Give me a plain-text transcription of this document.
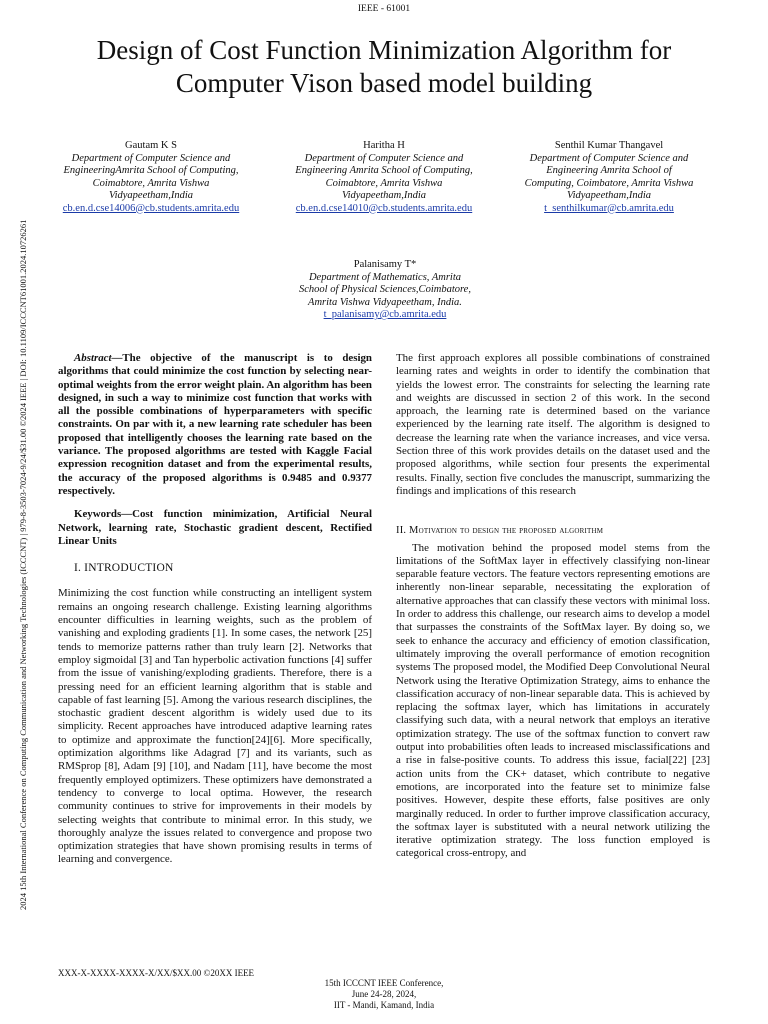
IEEE - 61001
Design of Cost Function Minimization Algorithm for Computer Vison based model building
2024 15th International Conference on Computing Communication and Networking Technologies (ICCCNT) | 979-8-3503-7024-9/24/$31.00 ©2024 IEEE | DOI: 10.1109/ICCCNT61001.2024.10726261
Gautam K S
Department of Computer Science and EngineeringAmrita School of Computing, Coimabtore, Amrita Vishwa Vidyapeetham,India
cb.en.d.cse14006@cb.students.amrita.edu
Haritha H
Department of Computer Science and Engineering Amrita School of Computing, Coimabtore, Amrita Vishwa Vidyapeetham,India
cb.en.d.cse14010@cb.students.amrita.edu
Senthil Kumar Thangavel
Department of Computer Science and Engineering Amrita School of Computing, Coimbatore, Amrita Vishwa Vidyapeetham,India
t_senthilkumar@cb.amrita.edu
Palanisamy T*
Department of Mathematics, Amrita School of Physical Sciences,Coimbatore, Amrita Vishwa Vidyapeetham, India.
t_palanisamy@cb.amrita.edu

Abstract—The objective of the manuscript is to design algorithms that could minimize the cost function by selecting near-optimal weights from the error weight plain. An algorithm has been designed, in such a way to minimize cost function that works with all the possible combinations of hyperparameters with specific constraints. On par with it, a new learning rate scheduler has been proposed that intelligently chooses the learning rate based on the variance. The proposed algorithms are tested with Kaggle Facial expression recognition dataset and from the experimental results, the accuracy of the proposed algorithms is 0.9485 and 0.9377 respectively.

Keywords—Cost function minimization, Artificial Neural Network, learning rate, Stochastic gradient descent, Rectified Linear Units

I. INTRODUCTION

Minimizing the cost function while constructing an intelligent system remains an ongoing research challenge. Existing learning algorithms encounter difficulties in learning weights, such as the problem of vanishing and exploding gradients [1]. In some cases, the network [25] tends to memorize patterns rather than truly learn [2]. Networks that employ sigmoidal [3] and Tan hyperbolic activation functions [4] suffer from the issue of vanishing/exploding gradients. Therefore, there is a pressing need for an efficient learning algorithm that is stable and capable of fast learning [5]. Among the various research disciplines, the stochastic gradient descent algorithm is widely used due to its simplicity. Recent approaches have introduced adaptive learning rates to optimize and approximate the function[24][6]. More specifically, optimization algorithms like Adagrad [7] and its variants, such as RMSprop [8], Adam [9] [10], and Nadam [11], have become the most frequently employed optimizers. These optimizers have demonstrated a tendency to converge to local optima. However, the research community continues to strive for improvements in their models by selecting weights that contribute to minimal error. In this study, we thoroughly analyze the issues related to convergence and propose two optimization strategies that have shown promising results in terms of learning and convergence.

The first approach explores all possible combinations of constrained learning rates and weights in order to identify the combination that yields the lowest error. The constraints for selecting the learning rate and weights are discussed in section 2 of this work. In the second approach, the learning rate is determined based on the variance experienced by the learning rate itself. The algorithm is designed to decrease the learning rate when the variance increases, and vice versa. Section three of this work provides details on the dataset used and the proposed algorithms, while section four presents the experimental results. Finally, section five concludes the manuscript, summarizing the findings and implications of this research

II. Motivation to design the proposed algorithm

The motivation behind the proposed model stems from the limitations of the SoftMax layer in effectively classifying non-linear separable feature vectors. The feature vectors representing emotions are inherently non-linear separable, necessitating the exploration of alternative approaches that can classify these vectors with minimal loss. In order to address this challenge, our research aims to develop a model that surpasses the constraints of the SoftMax layer. By doing so, we seek to enhance the accuracy and efficiency of emotion classification, ultimately improving the overall performance of emotion recognition systems The proposed model, the Modified Deep Convolutional Neural Network using the Iterative Optimization Strategy, aims to enhance the classification accuracy of non-linear separable data. This is achieved by replacing the softmax layer, which has limitations in accurately classifying such data, with a neural network that employs an iterative optimization strategy. The use of the softmax function to convert raw output into probabilities often leads to increased misclassifications and a rise in false-positive counts. To address this issue, facial[22] [23] action units from the CK+ dataset, which contribute to negative emotions, are incorporated into the feature set to minimize false positives. However, despite these efforts, false positives are only marginally reduced. In order to further improve classification accuracy, the softmax layer is substituted with a neural network utilizing the iterative optimization strategy. The loss function employed is categorical cross-entropy, and

XXX-X-XXXX-XXXX-X/XX/$XX.00 ©20XX IEEE
15th ICCCNT IEEE Conference,
June 24-28, 2024,
IIT - Mandi, Kamand, India
